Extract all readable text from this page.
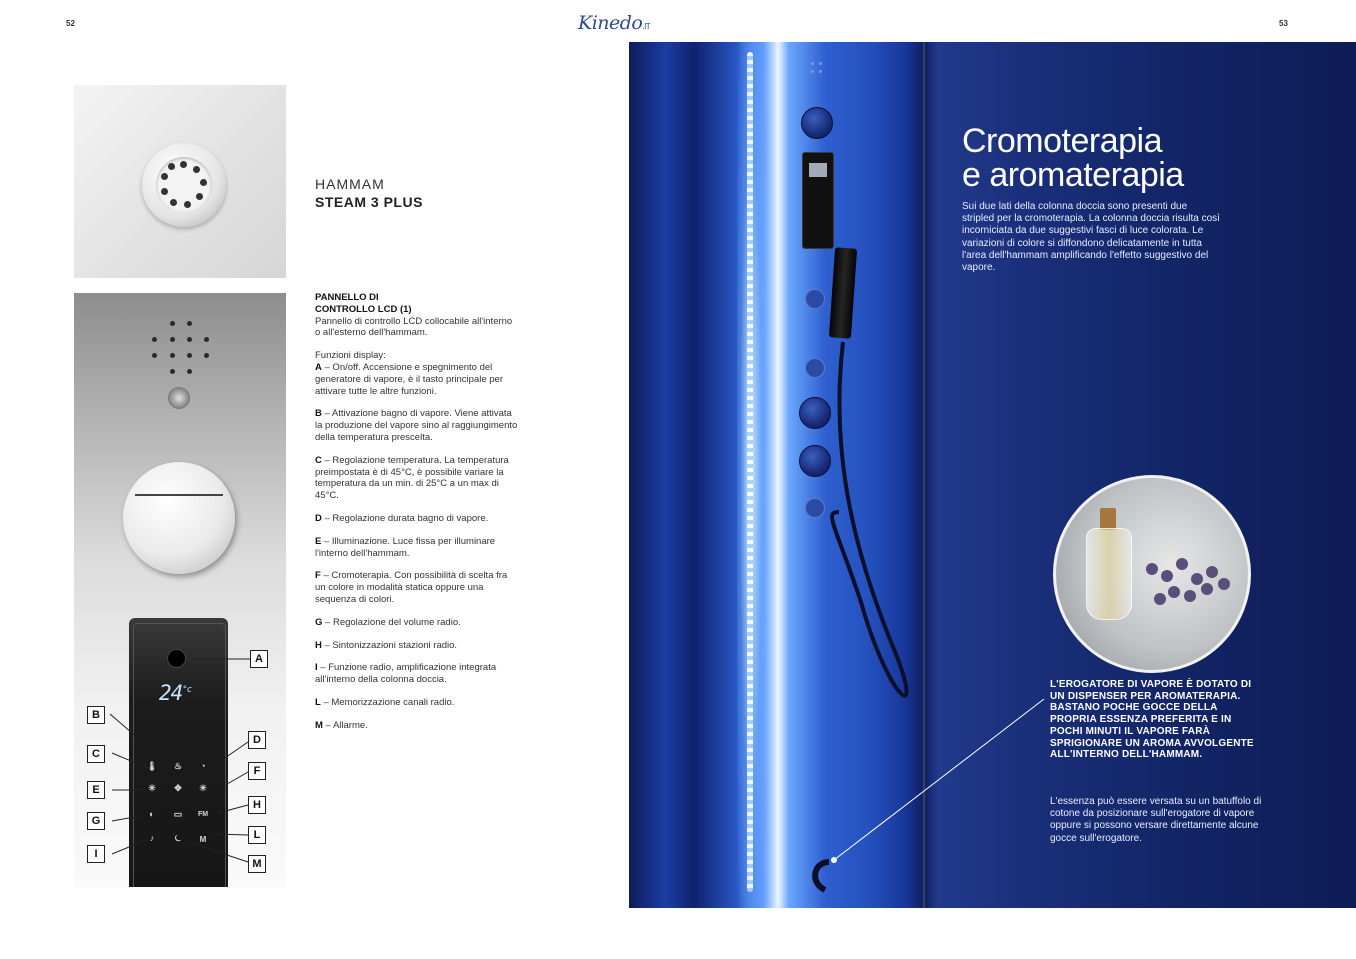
52	53
Kinedo.IT
$24^{^\circ c}$
🌡	♨	◔
✳	✥	☀
◐	▭	FM
♪	⏾	M
A
B
C
D
E
F
G
H
I
L
M
HAMMAM
STEAM 3 PLUS
PANNELLO DI
CONTROLLO LCD (1)

Pannello di controllo LCD collocabile all'interno o all'esterno dell'hammam.

Funzioni display:

A – On/off. Accensione e spegnimento del generatore di vapore, è il tasto principale per attivare tutte le altre funzioni.

B – Attivazione bagno di vapore. Viene attivata la produzione del vapore sino al raggiungimento della temperatura prescelta.

C – Regolazione temperatura. La temperatura preimpostata è di 45°C, è possibile variare la temperatura da un min. di 25°C a un max di 45°C.

D – Regolazione durata bagno di vapore.

E – Illuminazione. Luce fissa per illuminare l'interno dell'hammam.

F – Cromoterapia. Con possibilità di scelta fra un colore in modalità statica oppure una sequenza di colori.

G – Regolazione del volume radio.

H – Sintonizzazioni stazioni radio.

I – Funzione radio, amplificazione integrata all'interno della colonna doccia.

L – Memorizzazione canali radio.

M – Allarme.

Cromoterapia
e aromaterapia
Sui due lati della colonna doccia sono presenti due stripled per la cromoterapia. La colonna doccia risulta così incorniciata da due suggestivi fasci di luce colorata. Le variazioni di colore si diffondono delicatamente in tutta l'area dell'hammam amplificando l'effetto suggestivo del vapore.
L'EROGATORE DI VAPORE È DOTATO DI UN DISPENSER PER AROMATERAPIA. BASTANO POCHE GOCCE DELLA PROPRIA ESSENZA PREFERITA E IN POCHI MINUTI IL VAPORE FARÀ SPRIGIONARE UN AROMA AVVOLGENTE ALL'INTERNO DELL'HAMMAM.
L'essenza può essere versata su un batuffolo di cotone da posizionare sull'erogatore di vapore oppure si possono versare direttamente alcune gocce sull'erogatore.
